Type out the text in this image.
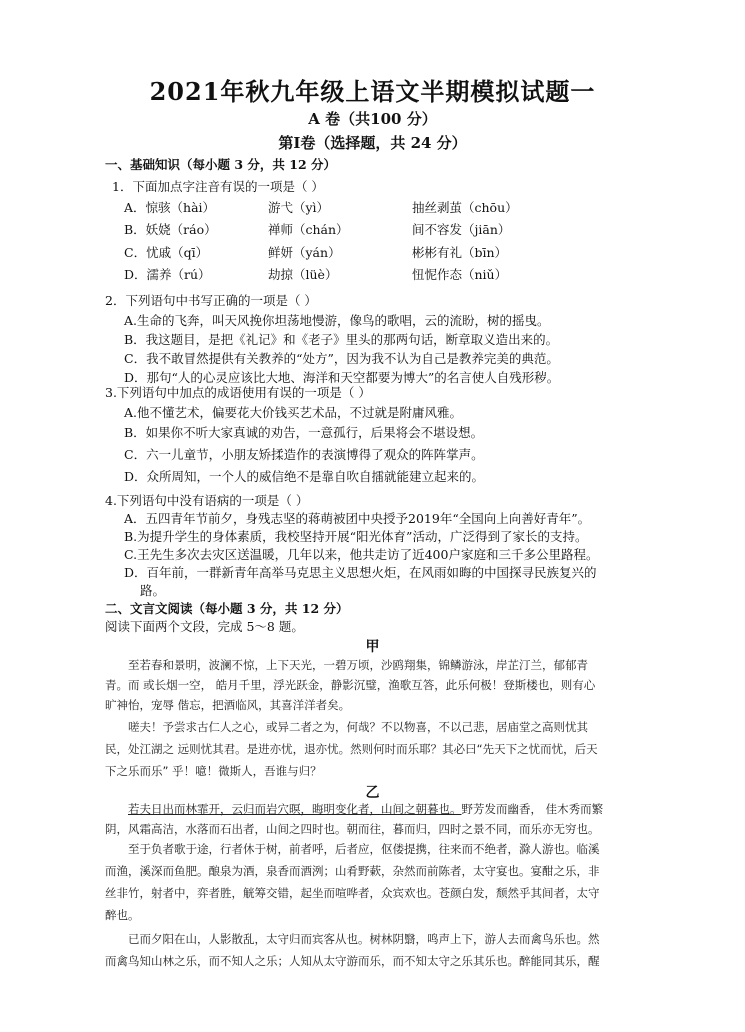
2021年秋九年级上语文半期模拟试题一
A 卷（共100 分）
第Ⅰ卷（选择题，共 24 分）
一、基础知识（每小题 3 分，共 12 分）
1．下面加点字注音有误的一项是（ ）
A．惊骇（hài）	游弋（yì）	抽丝剥茧（chōu）
B．妖娆（ráo）	禅师（chán）	间不容发（jiān）
C．忧戚（qī）	鲜妍（yán）	彬彬有礼（bīn）
D．濡养（rú）	劫掠（lüè）	忸怩作态（niǔ）
2．下列语句中书写正确的一项是（ ）
A.生命的飞奔，叫天风挽你坦荡地慢游，像鸟的歌唱，云的流盼，树的摇曳。
B．我这题目，是把《礼记》和《老子》里头的那两句话，断章取义造出来的。
C．我不敢冒然提供有关教养的“处方”，因为我不认为自己是教养完美的典范。
D．那句“人的心灵应该比大地、海洋和天空都要为博大”的名言使人自残形秽。
3.下列语句中加点的成语使用有误的一项是（ ）
A.他不懂艺术，偏要花大价钱买艺术品，不过就是附庸风雅。
B．如果你不听大家真诚的劝告，一意孤行，后果将会不堪设想。
C．六一儿童节，小朋友矫揉造作的表演博得了观众的阵阵掌声。
D．众所周知，一个人的威信绝不是靠自吹自擂就能建立起来的。
4.下列语句中没有语病的一项是（ ）
A．五四青年节前夕，身残志坚的蒋萌被团中央授予2019年“全国向上向善好青年”。
B.为提升学生的身体素质，我校坚持开展“阳光体育”活动，广泛得到了家长的支持。
C.王先生多次去灾区送温暖，几年以来，他共走访了近400户家庭和三千多公里路程。
D．百年前，一群新青年高举马克思主义思想火炬，在风雨如晦的中国探寻民族复兴的
路。
二、文言文阅读（每小题 3 分，共 12 分）
阅读下面两个文段，完成 5～8 题。
甲
至若春和景明，波澜不惊，上下天光，一碧万顷，沙鸥翔集，锦鳞游泳，岸芷汀兰，郁郁青
青。而 或长烟一空， 皓月千里，浮光跃金，静影沉璧，渔歌互答，此乐何极！登斯楼也，则有心
旷神怡，宠辱 偕忘，把酒临风，其喜洋洋者矣。
嗟夫！予尝求古仁人之心，或异二者之为，何哉？不以物喜，不以己悲，居庙堂之高则忧其
民，处江湖之 远则忧其君。是进亦忧，退亦忧。然则何时而乐耶？其必曰“先天下之忧而忧，后天
下之乐而乐” 乎！噫！微斯人，吾谁与归？
乙
若夫日出而林霏开，云归而岩穴暝，晦明变化者，山间之朝暮也。野芳发而幽香， 佳木秀而繁
阴，风霜高洁，水落而石出者，山间之四时也。朝而往，暮而归，四时之景不同，而乐亦无穷也。
至于负者歌于途，行者休于树，前者呼，后者应，伛偻提携，往来而不绝者，滁人游也。临溪
而渔，溪深而鱼肥。酿泉为酒，泉香而酒洌；山肴野蔌，杂然而前陈者，太守宴也。宴酣之乐，非
丝非竹，射者中，弈者胜，觥筹交错，起坐而喧哗者，众宾欢也。苍颜白发，颓然乎其间者，太守
醉也。
已而夕阳在山，人影散乱，太守归而宾客从也。树林阴翳，鸣声上下，游人去而禽鸟乐也。然
而禽鸟知山林之乐，而不知人之乐；人知从太守游而乐，而不知太守之乐其乐也。醉能同其乐，醒
